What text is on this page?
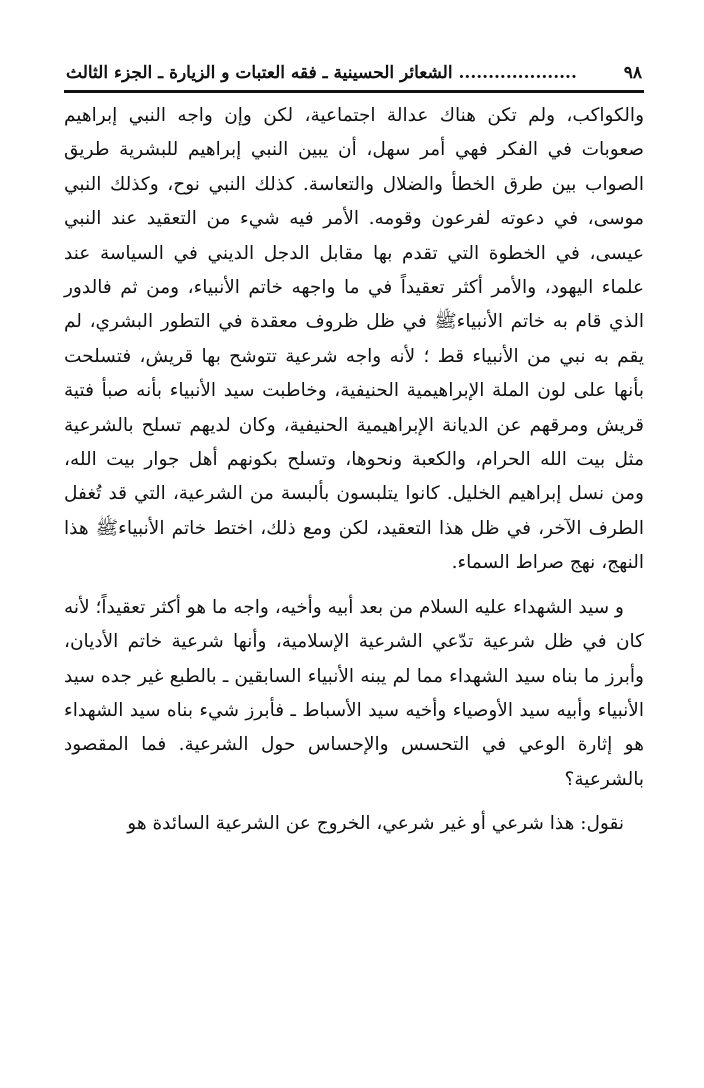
٩٨
.................... الشعائر الحسينية ـ فقه العتبات و الزيارة ـ الجزء الثالث

والكواكب، ولم تكن هناك عدالة اجتماعية، لكن وإن واجه النبي إبراهيم صعوبات في الفكر فهي أمر سهل، أن يبين النبي إبراهيم للبشرية طريق الصواب بين طرق الخطأ والضلال والتعاسة. كذلك النبي نوح، وكذلك النبي موسى، في دعوته لفرعون وقومه. الأمر فيه شيء من التعقيد عند النبي عيسى، في الخطوة التي تقدم بها مقابل الدجل الديني في السياسة عند علماء اليهود، والأمر أكثر تعقيداً في ما واجهه خاتم الأنبياء، ومن ثم فالدور الذي قام به خاتم الأنبياءﷺ في ظل ظروف معقدة في التطور البشري، لم يقم به نبي من الأنبياء قط ؛ لأنه واجه شرعية تتوشح بها قريش، فتسلحت بأنها على لون الملة الإبراهيمية الحنيفية، وخاطبت سيد الأنبياء بأنه صبأ فتية قريش ومرقهم عن الديانة الإبراهيمية الحنيفية، وكان لديهم تسلح بالشرعية مثل بيت الله الحرام، والكعبة ونحوها، وتسلح بكونهم أهل جوار بيت الله، ومن نسل إبراهيم الخليل. كانوا يتلبسون بألبسة من الشرعية، التي قد تُغفل الطرف الآخر، في ظل هذا التعقيد، لكن ومع ذلك، اختط خاتم الأنبياءﷺ هذا النهج، نهج صراط السماء.

و سيد الشهداء عليه السلام من بعد أبيه وأخيه، واجه ما هو أكثر تعقيداً؛ لأنه كان في ظل شرعية تدّعي الشرعية الإسلامية، وأنها شرعية خاتم الأديان، وأبرز ما بناه سيد الشهداء مما لم يبنه الأنبياء السابقين ـ بالطبع غير جده سيد الأنبياء وأبيه سيد الأوصياء وأخيه سيد الأسباط ـ فأبرز شيء بناه سيد الشهداء هو إثارة الوعي في التحسس والإحساس حول الشرعية. فما المقصود بالشرعية؟

نقول: هذا شرعي أو غير شرعي، الخروج عن الشرعية السائدة هو
